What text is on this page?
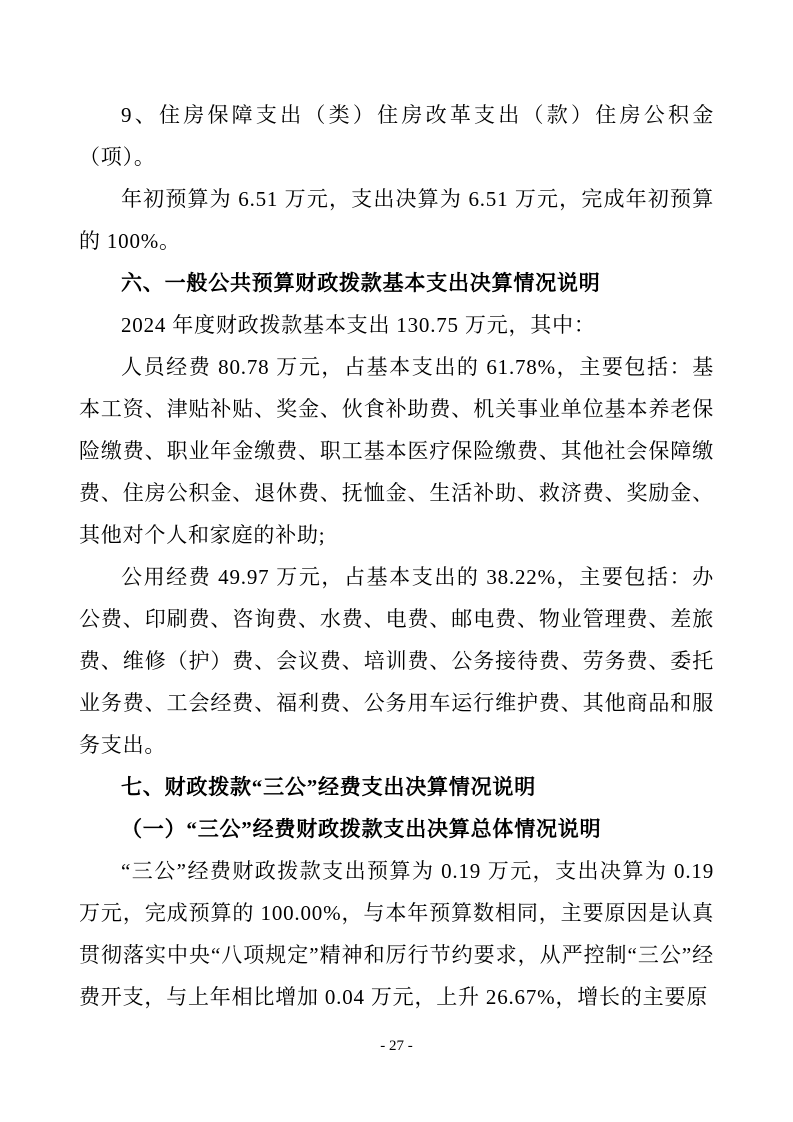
9、住房保障支出（类）住房改革支出（款）住房公积金（项）。
年初预算为 6.51 万元，支出决算为 6.51 万元，完成年初预算的 100%。
六、一般公共预算财政拨款基本支出决算情况说明
2024 年度财政拨款基本支出 130.75 万元，其中：
人员经费 80.78 万元，占基本支出的 61.78%，主要包括：基本工资、津贴补贴、奖金、伙食补助费、机关事业单位基本养老保险缴费、职业年金缴费、职工基本医疗保险缴费、其他社会保障缴费、住房公积金、退休费、抚恤金、生活补助、救济费、奖励金、其他对个人和家庭的补助;
公用经费 49.97 万元，占基本支出的 38.22%，主要包括：办公费、印刷费、咨询费、水费、电费、邮电费、物业管理费、差旅费、维修（护）费、会议费、培训费、公务接待费、劳务费、委托业务费、工会经费、福利费、公务用车运行维护费、其他商品和服务支出。
七、财政拨款“三公”经费支出决算情况说明
（一）“三公”经费财政拨款支出决算总体情况说明
“三公”经费财政拨款支出预算为 0.19 万元，支出决算为 0.19 万元，完成预算的 100.00%，与本年预算数相同，主要原因是认真贯彻落实中央“八项规定”精神和厉行节约要求，从严控制“三公”经费开支，与上年相比增加 0.04 万元，上升 26.67%，增长的主要原
- 27 -
